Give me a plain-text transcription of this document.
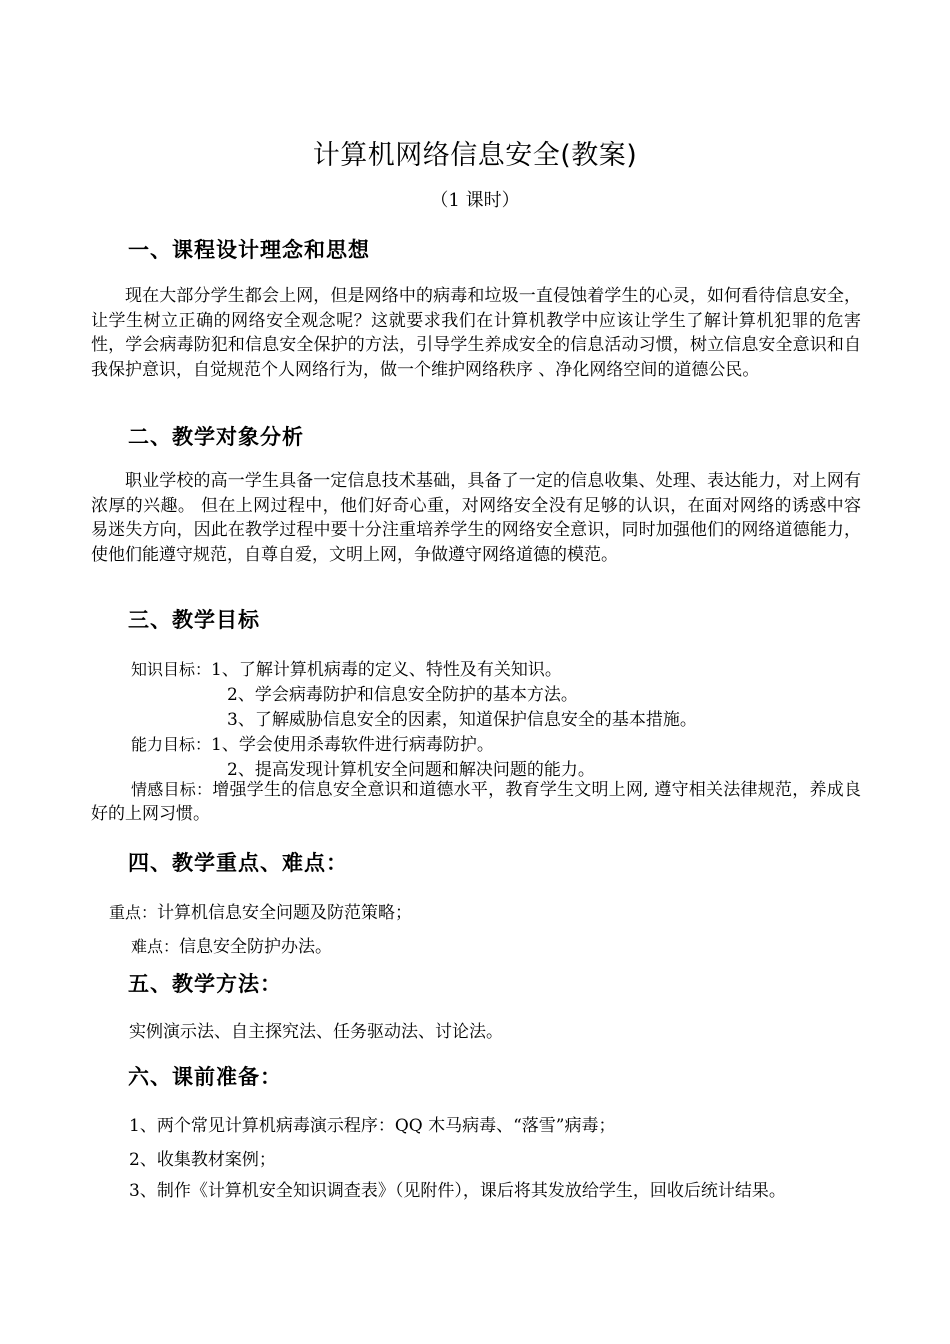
计算机网络信息安全(教案)
（1 课时）
一、课程设计理念和思想
现在大部分学生都会上网，但是网络中的病毒和垃圾一直侵蚀着学生的心灵，如何看待信息安全，让学生树立正确的网络安全观念呢？这就要求我们在计算机教学中应该让学生了解计算机犯罪的危害性，学会病毒防犯和信息安全保护的方法，引导学生养成安全的信息活动习惯，树立信息安全意识和自我保护意识，自觉规范个人网络行为，做一个维护网络秩序 、净化网络空间的道德公民。
二、教学对象分析
职业学校的高一学生具备一定信息技术基础，具备了一定的信息收集、处理、表达能力，对上网有浓厚的兴趣。 但在上网过程中，他们好奇心重，对网络安全没有足够的认识，在面对网络的诱惑中容易迷失方向，因此在教学过程中要十分注重培养学生的网络安全意识，同时加强他们的网络道德能力，使他们能遵守规范，自尊自爱，文明上网，争做遵守网络道德的模范。
三、教学目标
知识目标：1、了解计算机病毒的定义、特性及有关知识。
2、学会病毒防护和信息安全防护的基本方法。
3、了解威胁信息安全的因素，知道保护信息安全的基本措施。
能力目标：1、学会使用杀毒软件进行病毒防护。
2、提高发现计算机安全问题和解决问题的能力。
情感目标：增强学生的信息安全意识和道德水平，教育学生文明上网, 遵守相关法律规范，养成良好的上网习惯。
四、教学重点、难点：
重点：计算机信息安全问题及防范策略；
难点：信息安全防护办法。
五、教学方法：
实例演示法、自主探究法、任务驱动法、讨论法。
六、课前准备：
1、两个常见计算机病毒演示程序：QQ 木马病毒、“落雪”病毒；
2、收集教材案例；
3、制作《计算机安全知识调查表》（见附件），课后将其发放给学生，回收后统计结果。
